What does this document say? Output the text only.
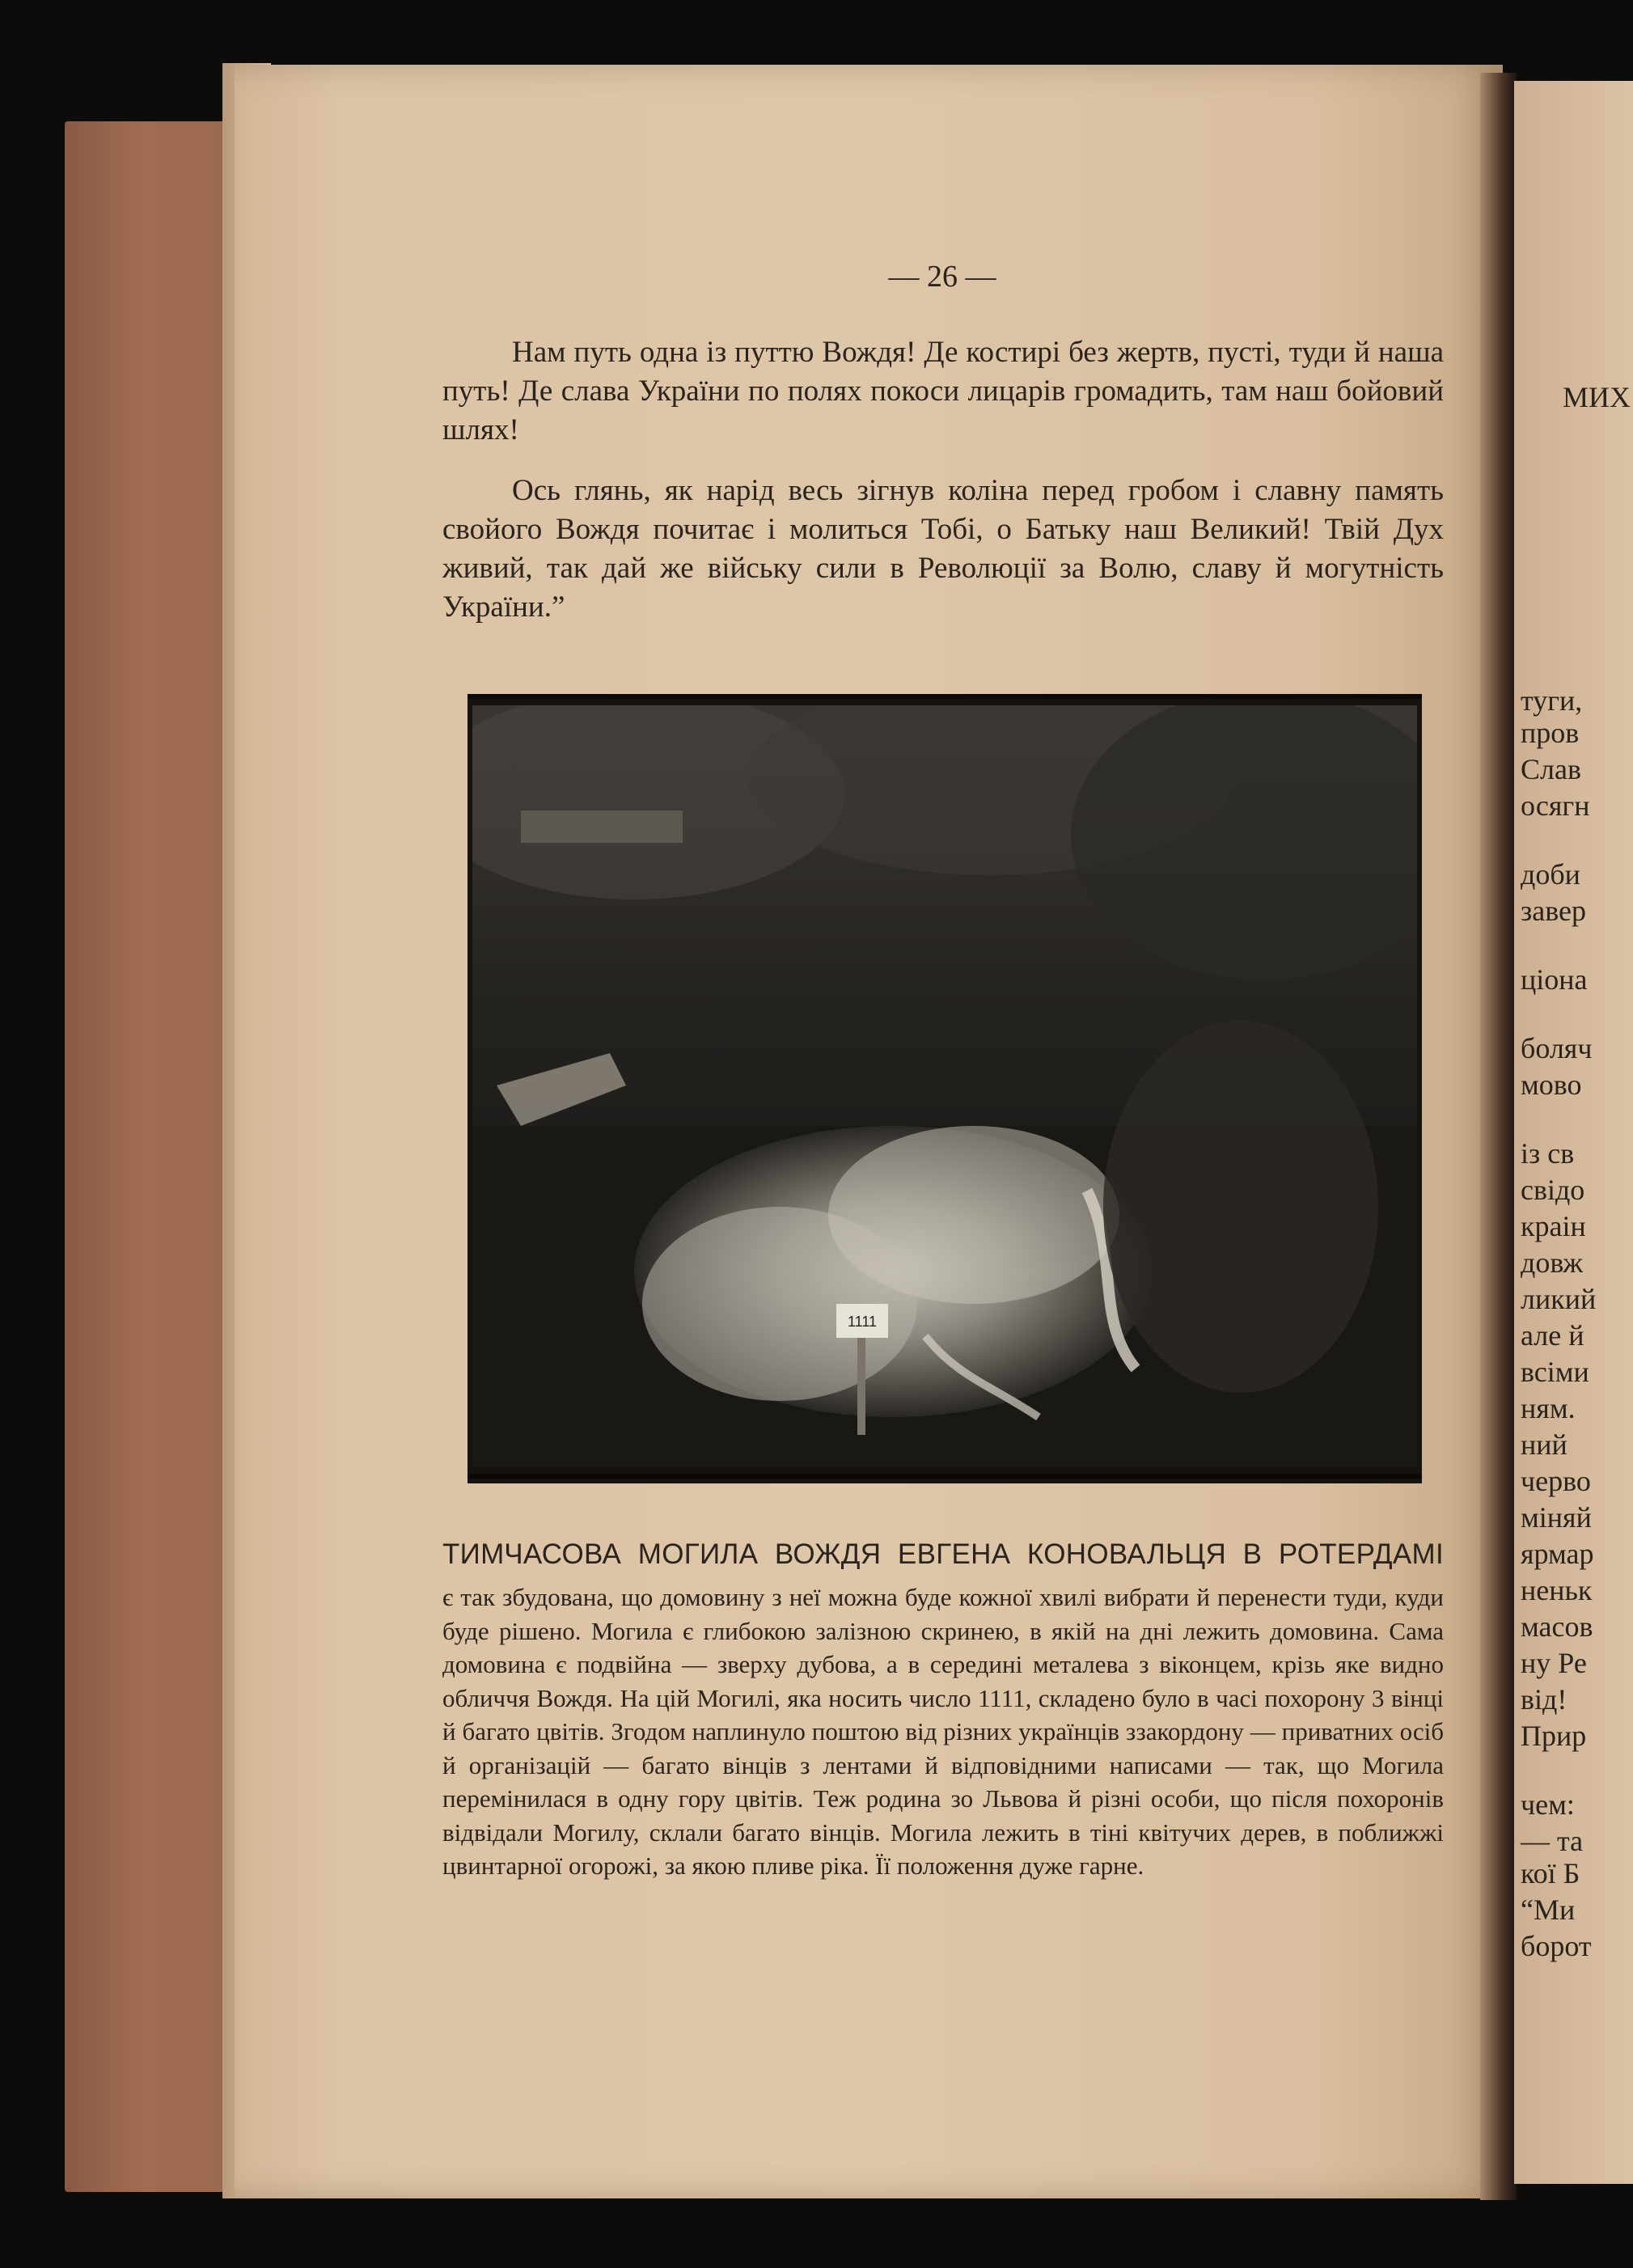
— 26 —

Нам путь одна із путтю Вождя! Де костирі без жертв, пусті, туди й наша путь! Де слава України по полях покоси лицарів громадить, там наш бойовий шлях!

Ось глянь, як нарід весь зігнув коліна перед гробом і славну память свойого Вождя почитає і молиться Тобі, о Батьку наш Великий! Твій Дух живий, так дай же війську сили в Революції за Волю, славу й могутність України.”

1111
ТИМЧАСОВА МОГИЛА ВОЖДЯ ЕВГЕНА КОНОВАЛЬЦЯ В РОТЕРДАМІ

є так збудована, що домовину з неї можна буде кожної хвилі вибрати й перенести туди, куди буде рішено. Могила є глибокою залізною скринею, в якій на дні лежить домовина. Сама домовина є подвійна — зверху дубова, а в середині металева з віконцем, крізь яке видно обличчя Вождя. На цій Могилі, яка носить число 1111, складено було в часі похорону 3 вінці й багато цвітів. Згодом наплинуло поштою від різних українців ззакордону — приватних осіб й організацій — багато вінців з лентами й відповідними написами — так, що Могила перемінилася в одну гору цвітів. Теж родина зо Львова й різні особи, що після похоронів відвідали Могилу, склали багато вінців. Могила лежить в тіні квітучих дерев, в поближжі цвинтарної огорожі, за якою пливе ріка. Її положення дуже гарне.

МИХ
туги,
пров
Слав
осягн
доби
завер
ціона
боляч
мово
із св
свідо
краін
довж
ликий
але й
всіми
ням.
ний
черво
міняй
ярмар
неньк
масов
ну Ре
від!
Прир
чем:
— та
кої Б
“Ми
борот
